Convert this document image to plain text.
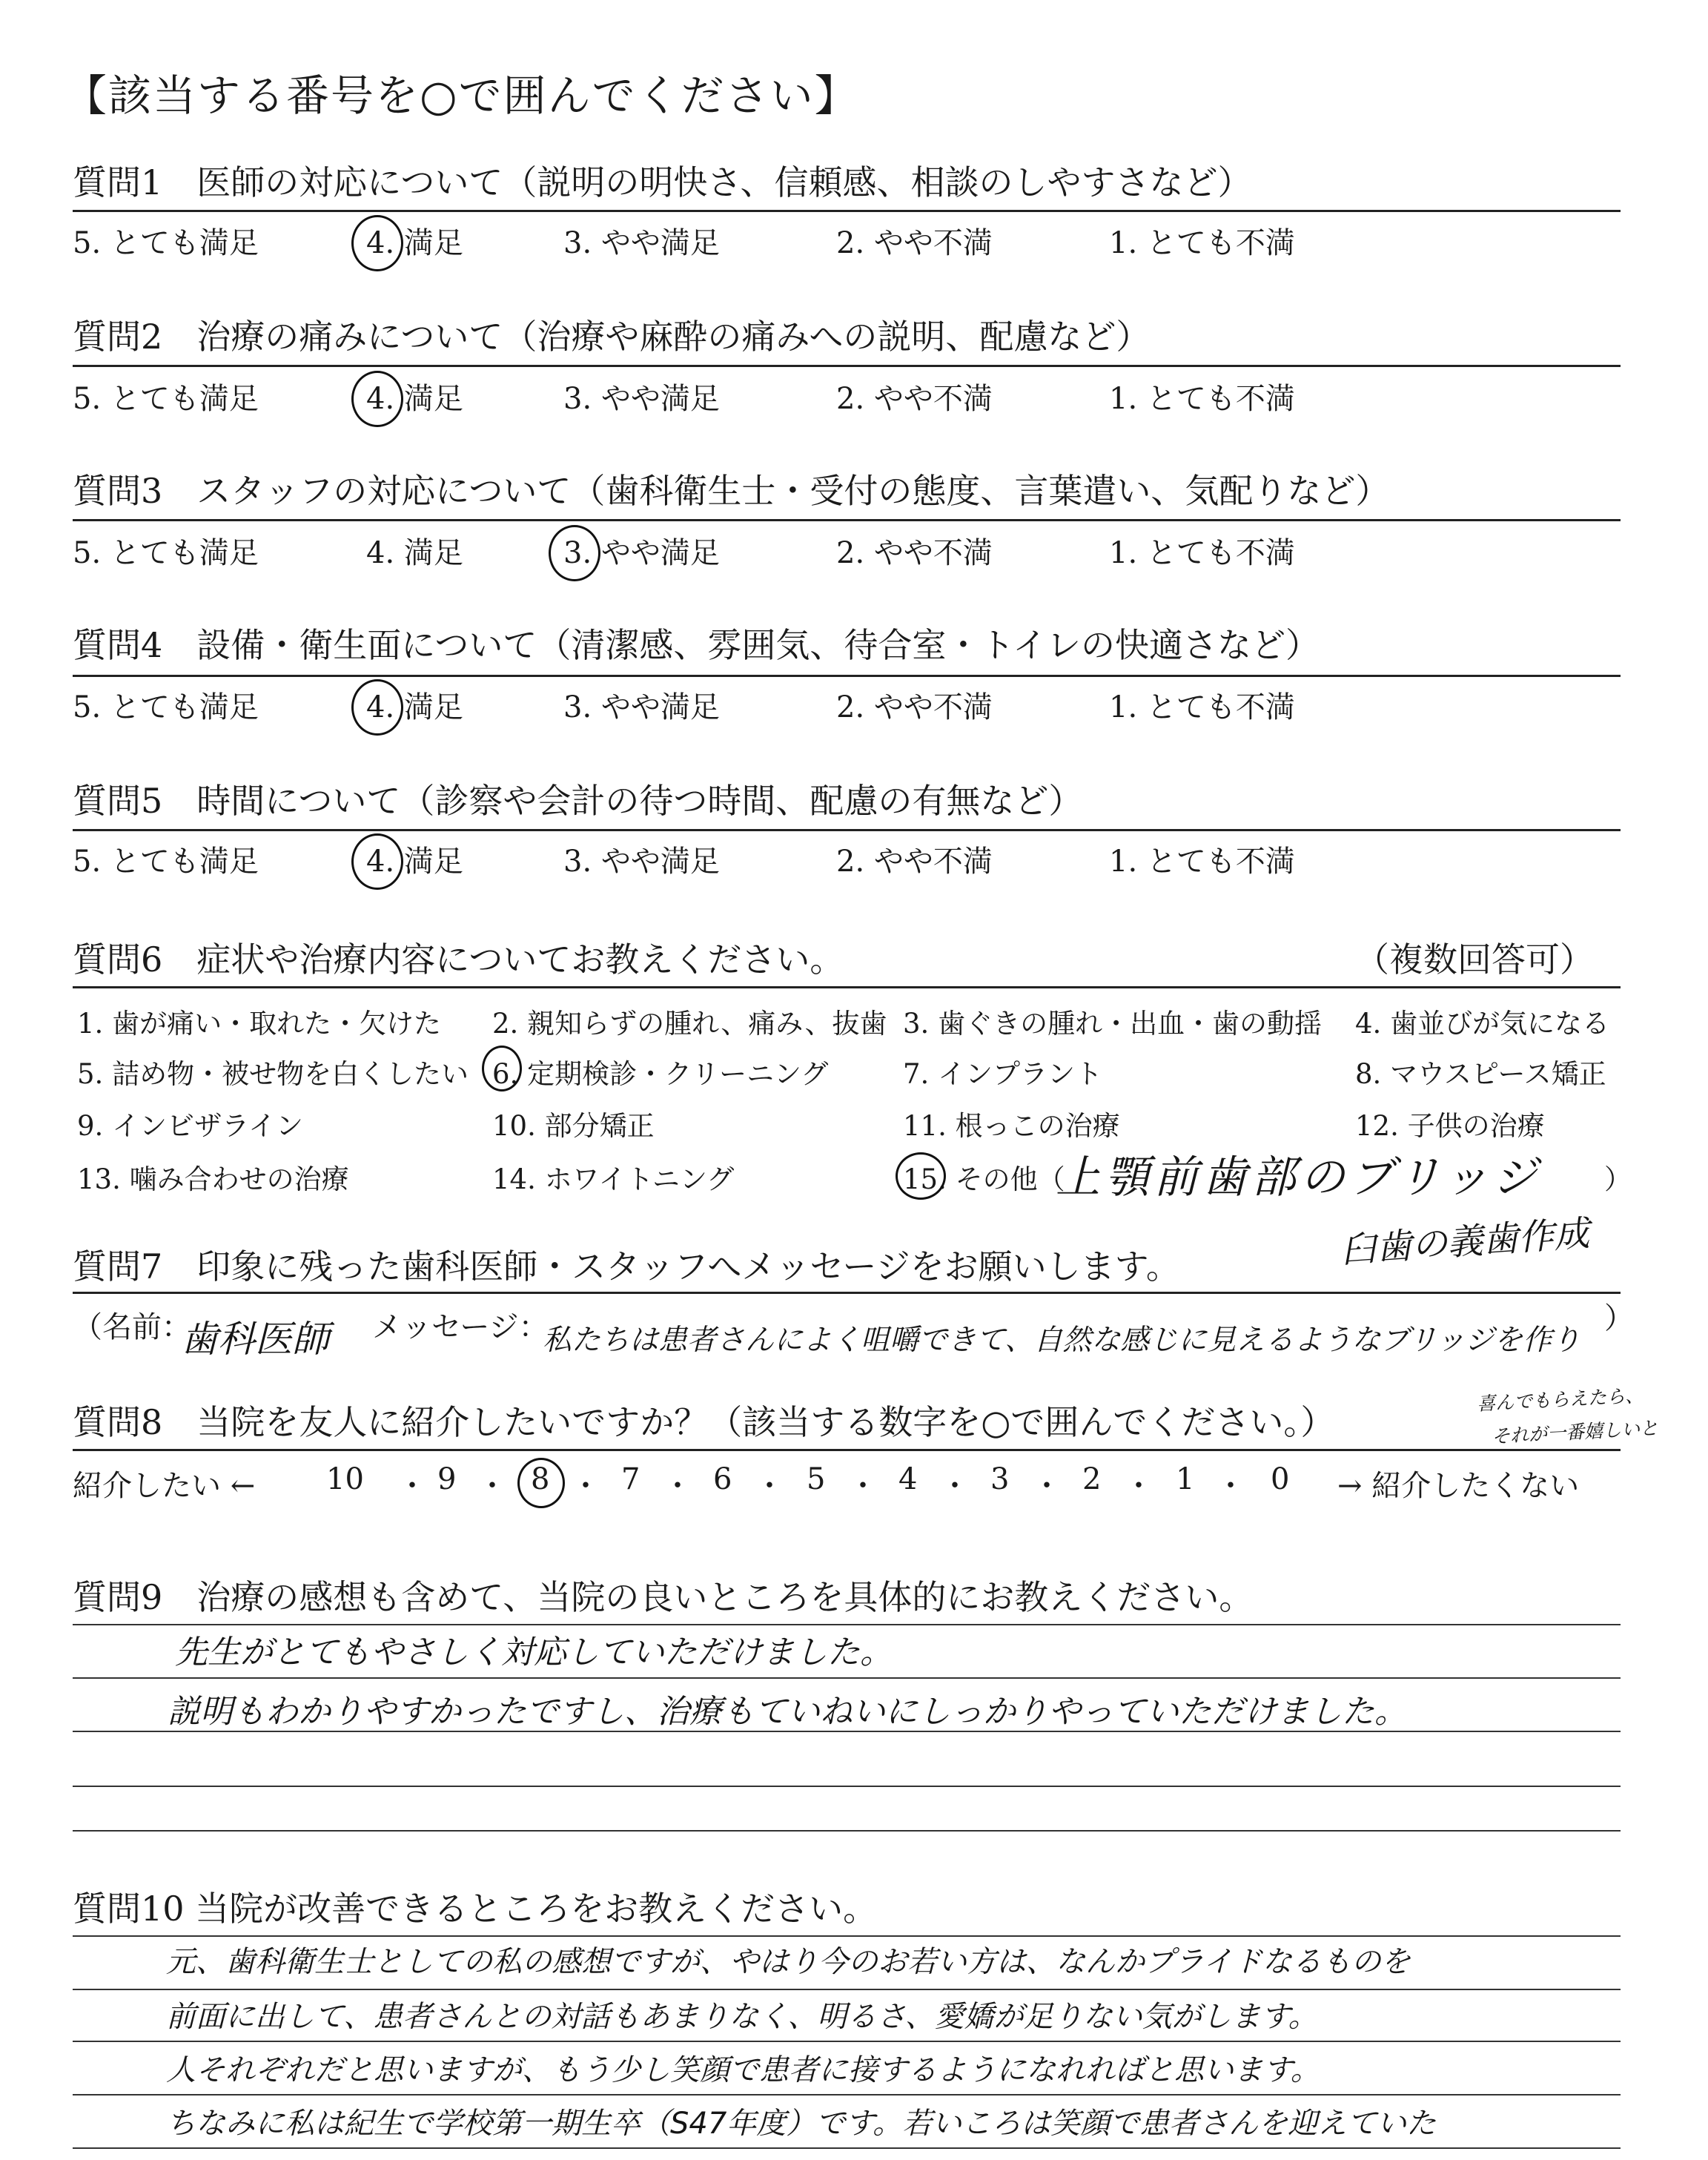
【該当する番号を○で囲んでください】
質問1　医師の対応について（説明の明快さ、信頼感、相談のしやすさなど）
5. とても満足	4. 満足	3. やや満足	2. やや不満	1. とても不満
質問2　治療の痛みについて（治療や麻酔の痛みへの説明、配慮など）
5. とても満足	4. 満足	3. やや満足	2. やや不満	1. とても不満
質問3　スタッフの対応について（歯科衛生士・受付の態度、言葉遣い、気配りなど）
5. とても満足	4. 満足	3. やや満足	2. やや不満	1. とても不満
質問4　設備・衛生面について（清潔感、雰囲気、待合室・トイレの快適さなど）
5. とても満足	4. 満足	3. やや満足	2. やや不満	1. とても不満
質問5　時間について（診察や会計の待つ時間、配慮の有無など）
5. とても満足	4. 満足	3. やや満足	2. やや不満	1. とても不満
質問6　症状や治療内容についてお教えください。	（複数回答可）
1. 歯が痛い・取れた・欠けた 2. 親知らずの腫れ、痛み、抜歯 3. 歯ぐきの腫れ・出血・歯の動揺 4. 歯並びが気になる
5. 詰め物・被せ物を白くしたい 6. 定期検診・クリーニング	7. インプラント	8. マウスピース矯正
9. インビザライン	10. 部分矯正	11. 根っこの治療	12. 子供の治療
13. 噛み合わせの治療	14. ホワイトニング	15. その他（	）
上顎前歯部のブリッジ
臼歯の義歯作成
質問7　印象に残った歯科医師・スタッフへメッセージをお願いします。
（名前：
歯科医師 メッセージ：	）
私たちは患者さんによく咀嚼できて、自然な感じに見えるようなブリッジを作り
喜んでもらえたら、
それが一番嬉しいと
質問8　当院を友人に紹介したいですか？（該当する数字を○で囲んでください。）
紹介したい ←	→ 紹介したくない
10 ・ 9 ・ 8 ・ 7 ・ 6 ・ 5 ・ 4 ・ 3 ・ 2 ・ 1 ・ 0
質問9　治療の感想も含めて、当院の良いところを具体的にお教えください。
先生がとてもやさしく対応していただけました。
説明もわかりやすかったですし、治療もていねいにしっかりやっていただけました。
質問10 当院が改善できるところをお教えください。
元、歯科衛生士としての私の感想ですが、やはり今のお若い方は、なんかプライドなるものを
前面に出して、患者さんとの対話もあまりなく、明るさ、愛嬌が足りない気がします。
人それぞれだと思いますが、もう少し笑顔で患者に接するようになれればと思います。
ちなみに私は紀生で学校第一期生卒（S47年度）です。若いころは笑顔で患者さんを迎えていた
